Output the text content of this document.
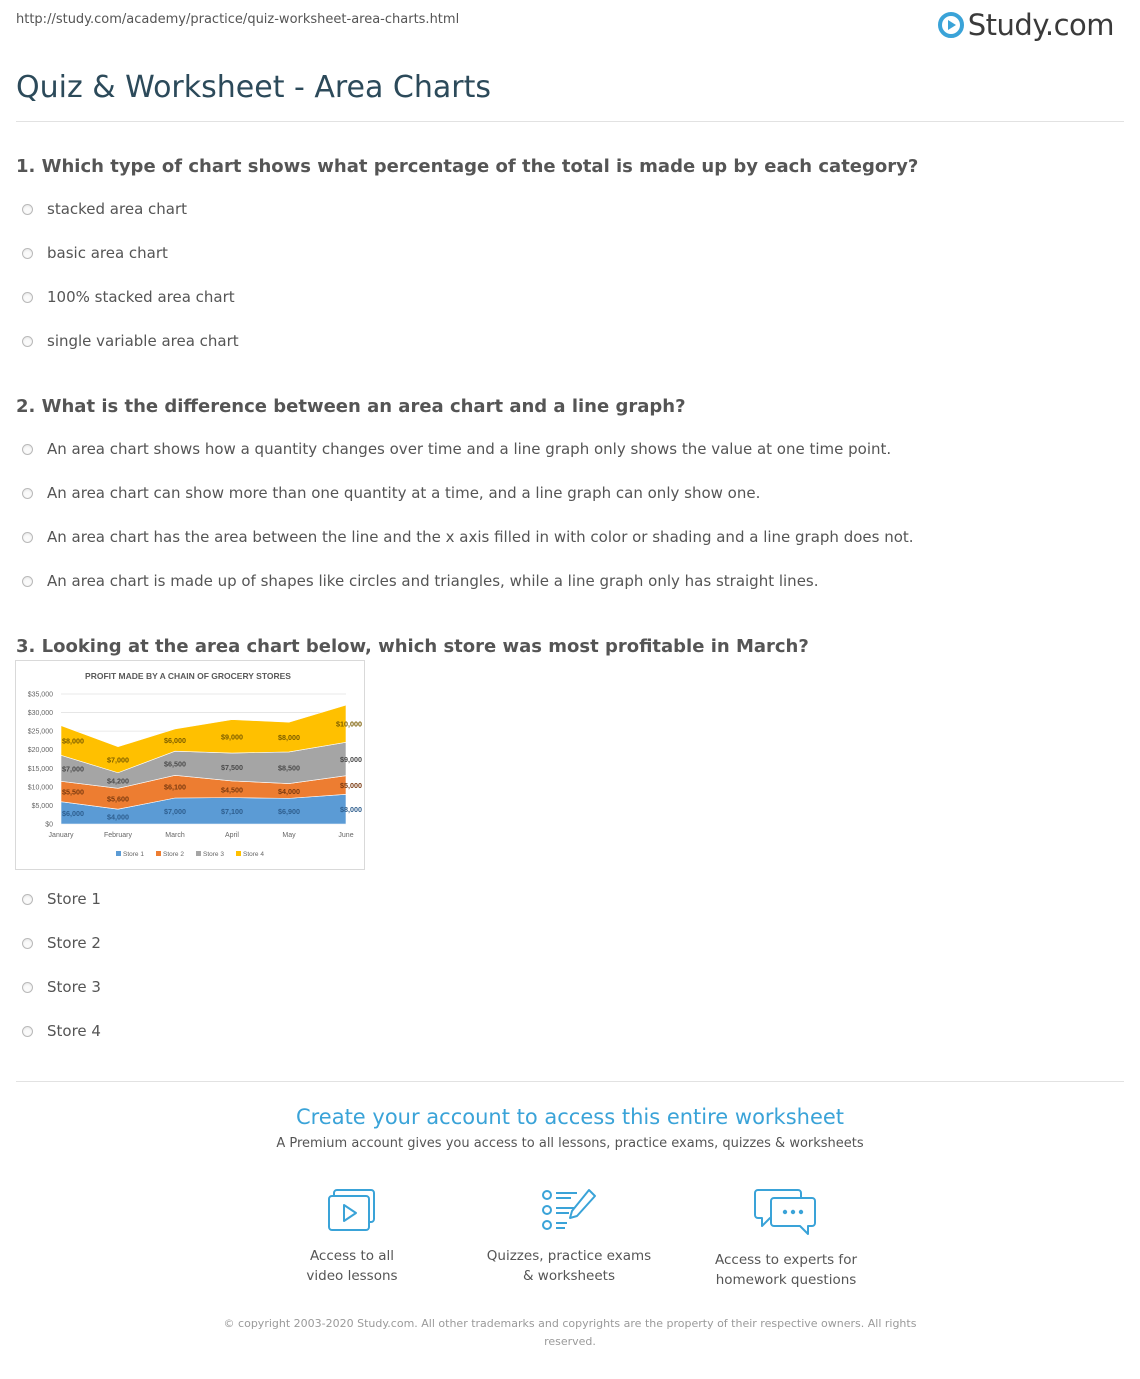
http://study.com/academy/practice/quiz-worksheet-area-charts.html	Study.com
Quiz & Worksheet - Area Charts
1. Which type of chart shows what percentage of the total is made up by each category?
stacked area chart
basic area chart
100% stacked area chart
single variable area chart
2. What is the difference between an area chart and a line graph?
An area chart shows how a quantity changes over time and a line graph only shows the value at one time point.
An area chart can show more than one quantity at a time, and a line graph can only show one.
An area chart has the area between the line and the x axis filled in with color or shading and a line graph does not.
An area chart is made up of shapes like circles and triangles, while a line graph only has straight lines.
3. Looking at the area chart below, which store was most profitable in March?
PROFIT MADE BY A CHAIN OF GROCERY STORES
$0
$5,000
$10,000
$15,000
$20,000
$25,000
$30,000
$35,000
January	February	March	April	May	June
$6,000	$4,000
$7,000	$7,100	$6,900	$8,000
$5,500
$5,600
$6,100	$4,500	$4,000
$5,000
$7,000
$4,200
$6,500	$7,500	$8,500
$9,000
$8,000
$7,000
$6,000	$9,000	$8,000
$10,000
Store 1	Store 2	Store 3	Store 4
Store 1
Store 2
Store 3
Store 4
Create your account to access this entire worksheet
A Premium account gives you access to all lessons, practice exams, quizzes & worksheets
Access to all
video lessons
Quizzes, practice exams
& worksheets
Access to experts for
homework questions
© copyright 2003-2020 Study.com. All other trademarks and copyrights are the property of their respective owners. All rights reserved.
